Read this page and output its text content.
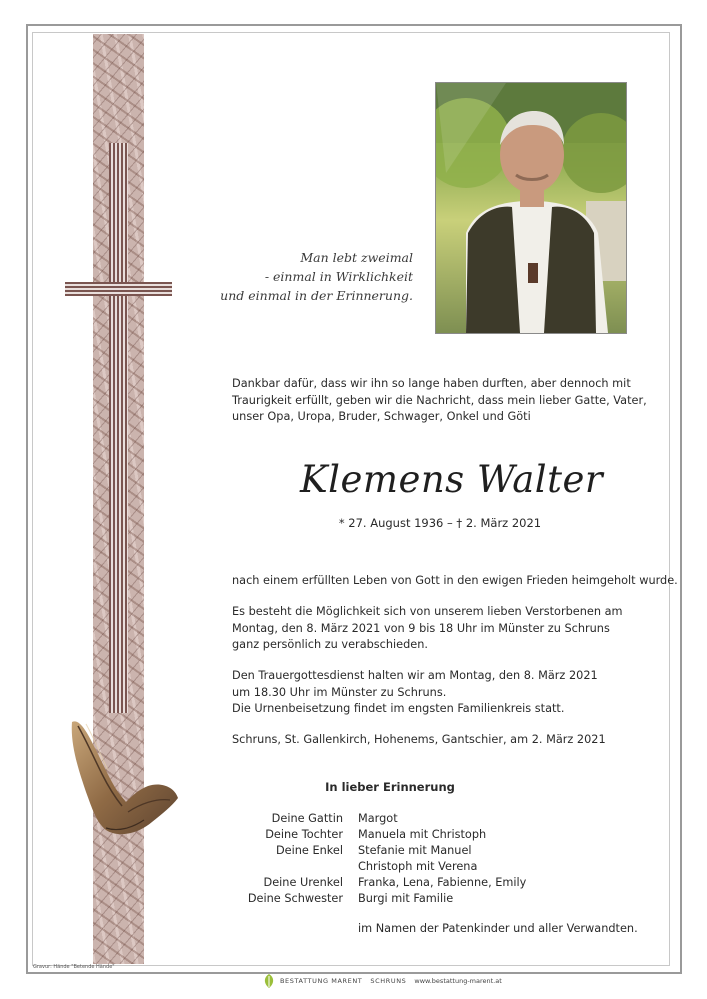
Man lebt zweimal
- einmal in Wirklichkeit
und einmal in der Erinnerung.
Dankbar dafür, dass wir ihn so lange haben durften, aber dennoch mit
Traurigkeit erfüllt, geben wir die Nachricht, dass mein lieber Gatte, Vater,
unser Opa, Uropa, Bruder, Schwager, Onkel und Göti
Klemens Walter
* 27. August 1936 – † 2. März 2021
nach einem erfüllten Leben von Gott in den ewigen Frieden heimgeholt wurde.
Es besteht die Möglichkeit sich von unserem lieben Verstorbenen am
Montag, den 8. März 2021 von 9 bis 18 Uhr im Münster zu Schruns
ganz persönlich zu verabschieden.
Den Trauergottesdienst halten wir am Montag, den 8. März 2021
um 18.30 Uhr im Münster zu Schruns.
Die Urnenbeisetzung findet im engsten Familienkreis statt.
Schruns, St. Gallenkirch, Hohenems, Gantschier, am 2. März 2021
In lieber Erinnerung
Deine Gattin Margot
Deine Tochter Manuela mit Christoph
Deine Enkel Stefanie mit Manuel
Christoph mit Verena
Deine Urenkel Franka, Lena, Fabienne, Emily
Deine Schwester Burgi mit Familie
im Namen der Patenkinder und aller Verwandten.
Gravur: Hände "Betende Hände"
BESTATTUNG MARENT SCHRUNS www.bestattung-marent.at
